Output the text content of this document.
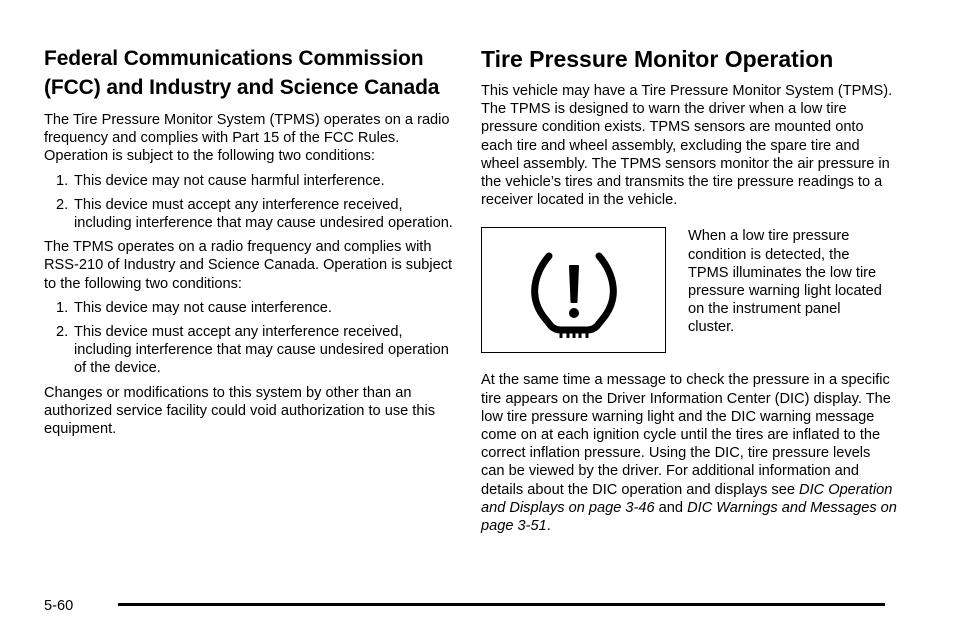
Federal Communications Commission (FCC) and Industry and Science Canada

The Tire Pressure Monitor System (TPMS) operates on a radio frequency and complies with Part 15 of the FCC Rules. Operation is subject to the following two conditions:

1. This device may not cause harmful interference.
2. This device must accept any interference received, including interference that may cause undesired operation.

The TPMS operates on a radio frequency and complies with RSS-210 of Industry and Science Canada. Operation is subject to the following two conditions:

1. This device may not cause interference.
2. This device must accept any interference received, including interference that may cause undesired operation of the device.

Changes or modifications to this system by other than an authorized service facility could void authorization to use this equipment.

Tire Pressure Monitor Operation

This vehicle may have a Tire Pressure Monitor System (TPMS). The TPMS is designed to warn the driver when a low tire pressure condition exists. TPMS sensors are mounted onto each tire and wheel assembly, excluding the spare tire and wheel assembly. The TPMS sensors monitor the air pressure in the vehicle’s tires and transmits the tire pressure readings to a receiver located in the vehicle.

When a low tire pressure condition is detected, the TPMS illuminates the low tire pressure warning light located on the instrument panel cluster.

At the same time a message to check the pressure in a specific tire appears on the Driver Information Center (DIC) display. The low tire pressure warning light and the DIC warning message come on at each ignition cycle until the tires are inflated to the correct inflation pressure. Using the DIC, tire pressure levels can be viewed by the driver. For additional information and details about the DIC operation and displays see DIC Operation and Displays on page 3-46 and DIC Warnings and Messages on page 3-51.

5-60
